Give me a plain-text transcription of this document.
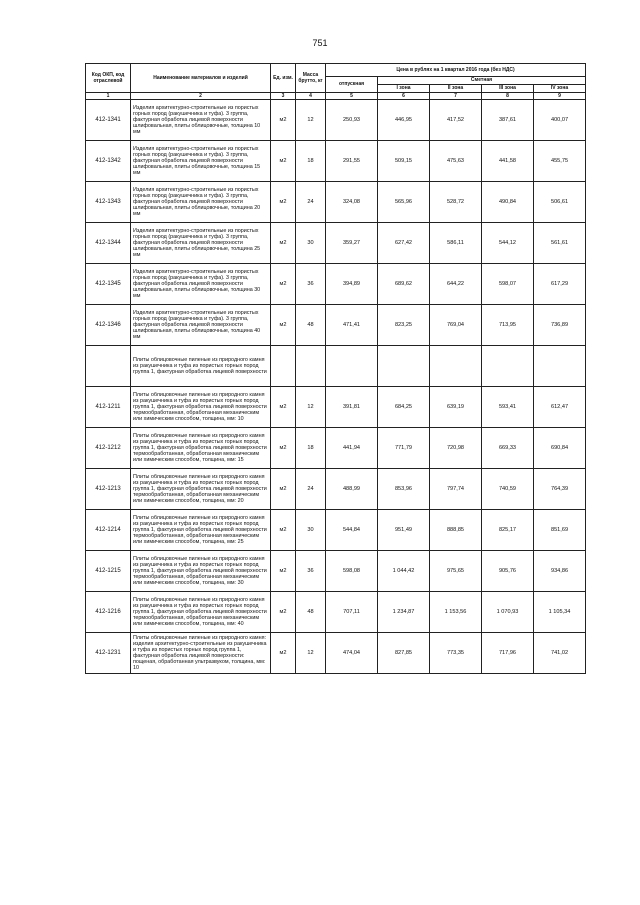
751
Код ОКП, код отраслевой	Наименование материалов и изделий	Ед. изм.	Масса брутто, кг	Цена в рублях на 1 квартал 2016 года (без НДС)				
				отпускная	Сметная			
					I зона	II зона	III зона	IV зона
1	2	3	4	5	6	7	8	9
412-1341	Изделия архитектурно-строительные из пористых горных пород (ракушечника и туфа). 3 группа, фактурная обработка лицевой поверхности шлифовальная, плиты облицовочные, толщина 10 мм	м2	12	250,93	446,95	417,52	387,61	400,07
412-1342	Изделия архитектурно-строительные из пористых горных пород (ракушечника и туфа). 3 группа, фактурная обработка лицевой поверхности шлифовальная, плиты облицовочные, толщина 15 мм	м2	18	291,55	509,15	475,63	441,58	455,75
412-1343	Изделия архитектурно-строительные из пористых горных пород (ракушечника и туфа). 3 группа, фактурная обработка лицевой поверхности шлифовальная, плиты облицовочные, толщина 20 мм	м2	24	324,08	565,96	528,72	490,84	506,61
412-1344	Изделия архитектурно-строительные из пористых горных пород (ракушечника и туфа). 3 группа, фактурная обработка лицевой поверхности шлифовальная, плиты облицовочные, толщина 25 мм	м2	30	359,27	627,42	586,11	544,12	561,61
412-1345	Изделия архитектурно-строительные из пористых горных пород (ракушечника и туфа). 3 группа, фактурная обработка лицевой поверхности шлифовальная, плиты облицовочные, толщина 30 мм	м2	36	394,89	689,62	644,22	598,07	617,29
412-1346	Изделия архитектурно-строительные из пористых горных пород (ракушечника и туфа). 3 группа, фактурная обработка лицевой поверхности шлифовальная, плиты облицовочные, толщина 40 мм	м2	48	471,41	823,25	769,04	713,95	736,89

	Плиты облицовочные пиленые из природного камня из ракушечника и туфа из пористых горных пород группа 1, фактурная обработка лицевой поверхности							

412-1211	Плиты облицовочные пиленые из природного камня из ракушечника и туфа из пористых горных пород группа 1, фактурная обработка лицевой поверхности термообработанная, обработанная механическим или химическим способом, толщина, мм: 10	м2	12	391,81	684,25	639,19	593,41	612,47
412-1212	Плиты облицовочные пиленые из природного камня из ракушечника и туфа из пористых горных пород группа 1, фактурная обработка лицевой поверхности термообработанная, обработанная механическим или химическим способом, толщина, мм: 15	м2	18	441,94	771,79	720,98	669,33	690,84
412-1213	Плиты облицовочные пиленые из природного камня из ракушечника и туфа из пористых горных пород группа 1, фактурная обработка лицевой поверхности термообработанная, обработанная механическим или химическим способом, толщина, мм: 20	м2	24	488,99	853,96	797,74	740,59	764,39
412-1214	Плиты облицовочные пиленые из природного камня из ракушечника и туфа из пористых горных пород группа 1, фактурная обработка лицевой поверхности термообработанная, обработанная механическим или химическим способом, толщина, мм: 25	м2	30	544,84	951,49	888,85	825,17	851,69
412-1215	Плиты облицовочные пиленые из природного камня из ракушечника и туфа из пористых горных пород группа 1, фактурная обработка лицевой поверхности термообработанная, обработанная механическим или химическим способом, толщина, мм: 30	м2	36	598,08	1 044,42	975,65	905,76	934,86
412-1216	Плиты облицовочные пиленые из природного камня из ракушечника и туфа из пористых горных пород группа 1, фактурная обработка лицевой поверхности термообработанная, обработанная механическим или химическим способом, толщина, мм: 40	м2	48	707,11	1 234,87	1 153,56	1 070,93	1 105,34
412-1231	Плиты облицовочные пиленые из природного камня: изделия архитектурно-строительные из ракушечника и туфа из пористых горных пород группа 1, фактурная обработка лицевой поверхности: пощеная, обработанная ультразвуком, толщина, мм: 10	м2	12	474,04	827,85	773,35	717,96	741,02
